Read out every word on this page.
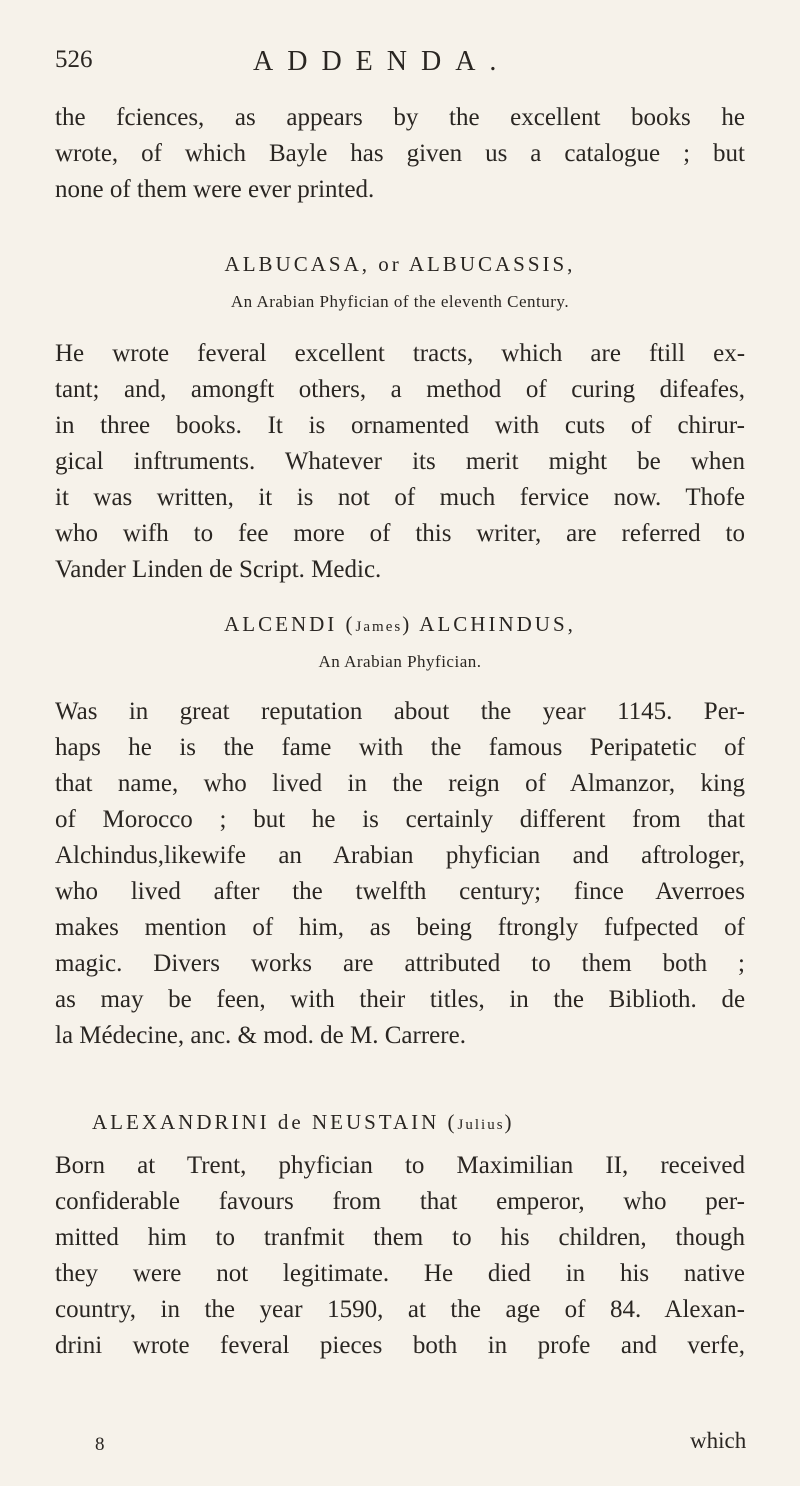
526	ADDENDA.

the fciences, as appears by the excellent books he
wrote, of which Bayle has given us a catalogue ; but
none of them were ever printed.

ALBUCASA, or ALBUCASSIS,
An Arabian Phyfician of the eleventh Century.

He wrote feveral excellent tracts, which are ftill ex-
tant; and, amongft others, a method of curing difeafes,
in three books. It is ornamented with cuts of chirur-
gical inftruments. Whatever its merit might be when
it was written, it is not of much fervice now. Thofe
who wifh to fee more of this writer, are referred to
Vander Linden de Script. Medic.

ALCENDI (James) ALCHINDUS,
An Arabian Phyfician.

Was in great reputation about the year 1145. Per-
haps he is the fame with the famous Peripatetic of
that name, who lived in the reign of Almanzor, king
of Morocco ; but he is certainly different from that
Alchindus,likewife an Arabian phyfician and aftrologer,
who lived after the twelfth century; fince Averroes
makes mention of him, as being ftrongly fufpected of
magic. Divers works are attributed to them both ;
as may be feen, with their titles, in the Biblioth. de
la Médecine, anc. & mod. de M. Carrere.

ALEXANDRINI de NEUSTAIN (Julius)

Born at Trent, phyfician to Maximilian II, received
confiderable favours from that emperor, who per-
mitted him to tranfmit them to his children, though
they were not legitimate. He died in his native
country, in the year 1590, at the age of 84. Alexan-
drini wrote feveral pieces both in profe and verfe,

8	which
